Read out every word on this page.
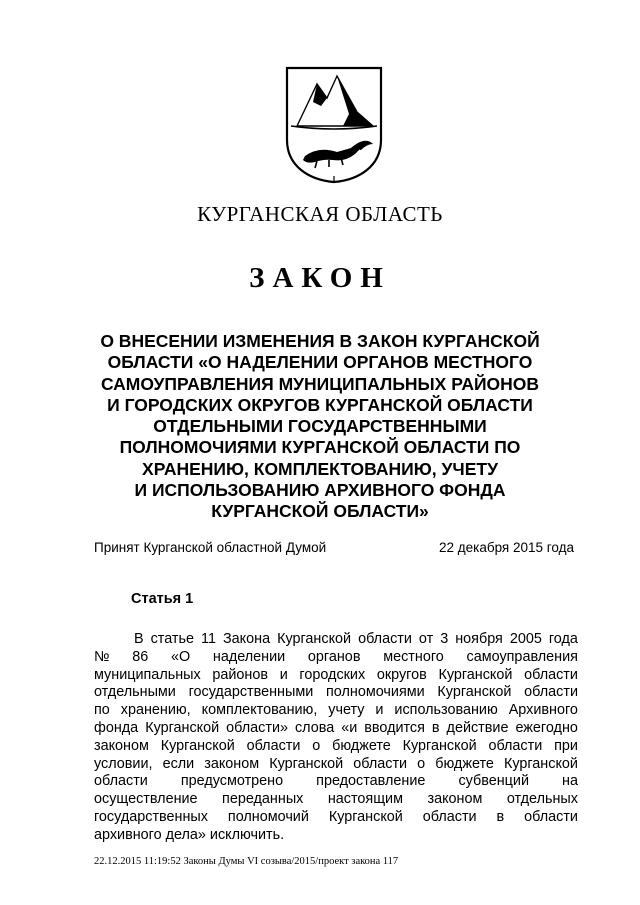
КУРГАНСКАЯ ОБЛАСТЬ
ЗАКОН
О ВНЕСЕНИИ ИЗМЕНЕНИЯ В ЗАКОН КУРГАНСКОЙ
ОБЛАСТИ «О НАДЕЛЕНИИ ОРГАНОВ МЕСТНОГО
САМОУПРАВЛЕНИЯ МУНИЦИПАЛЬНЫХ РАЙОНОВ
И ГОРОДСКИХ ОКРУГОВ КУРГАНСКОЙ ОБЛАСТИ
ОТДЕЛЬНЫМИ ГОСУДАРСТВЕННЫМИ
ПОЛНОМОЧИЯМИ КУРГАНСКОЙ ОБЛАСТИ ПО
ХРАНЕНИЮ, КОМПЛЕКТОВАНИЮ, УЧЕТУ
И ИСПОЛЬЗОВАНИЮ АРХИВНОГО ФОНДА
КУРГАНСКОЙ ОБЛАСТИ»
Принят Курганской областной Думой	22 декабря 2015 года
Статья 1
В статье 11 Закона Курганской области от 3 ноября 2005 года
№ 86 «О наделении органов местного самоуправления
муниципальных районов и городских округов Курганской области
отдельными государственными полномочиями Курганской области
по хранению, комплектованию, учету и использованию Архивного
фонда Курганской области» слова «и вводится в действие ежегодно
законом Курганской области о бюджете Курганской области при
условии, если законом Курганской области о бюджете Курганской
области предусмотрено предоставление субвенций на
осуществление переданных настоящим законом отдельных
государственных полномочий Курганской области в области
архивного дела» исключить.
22.12.2015 11:19:52 Законы Думы VI созыва/2015/проект закона 117
